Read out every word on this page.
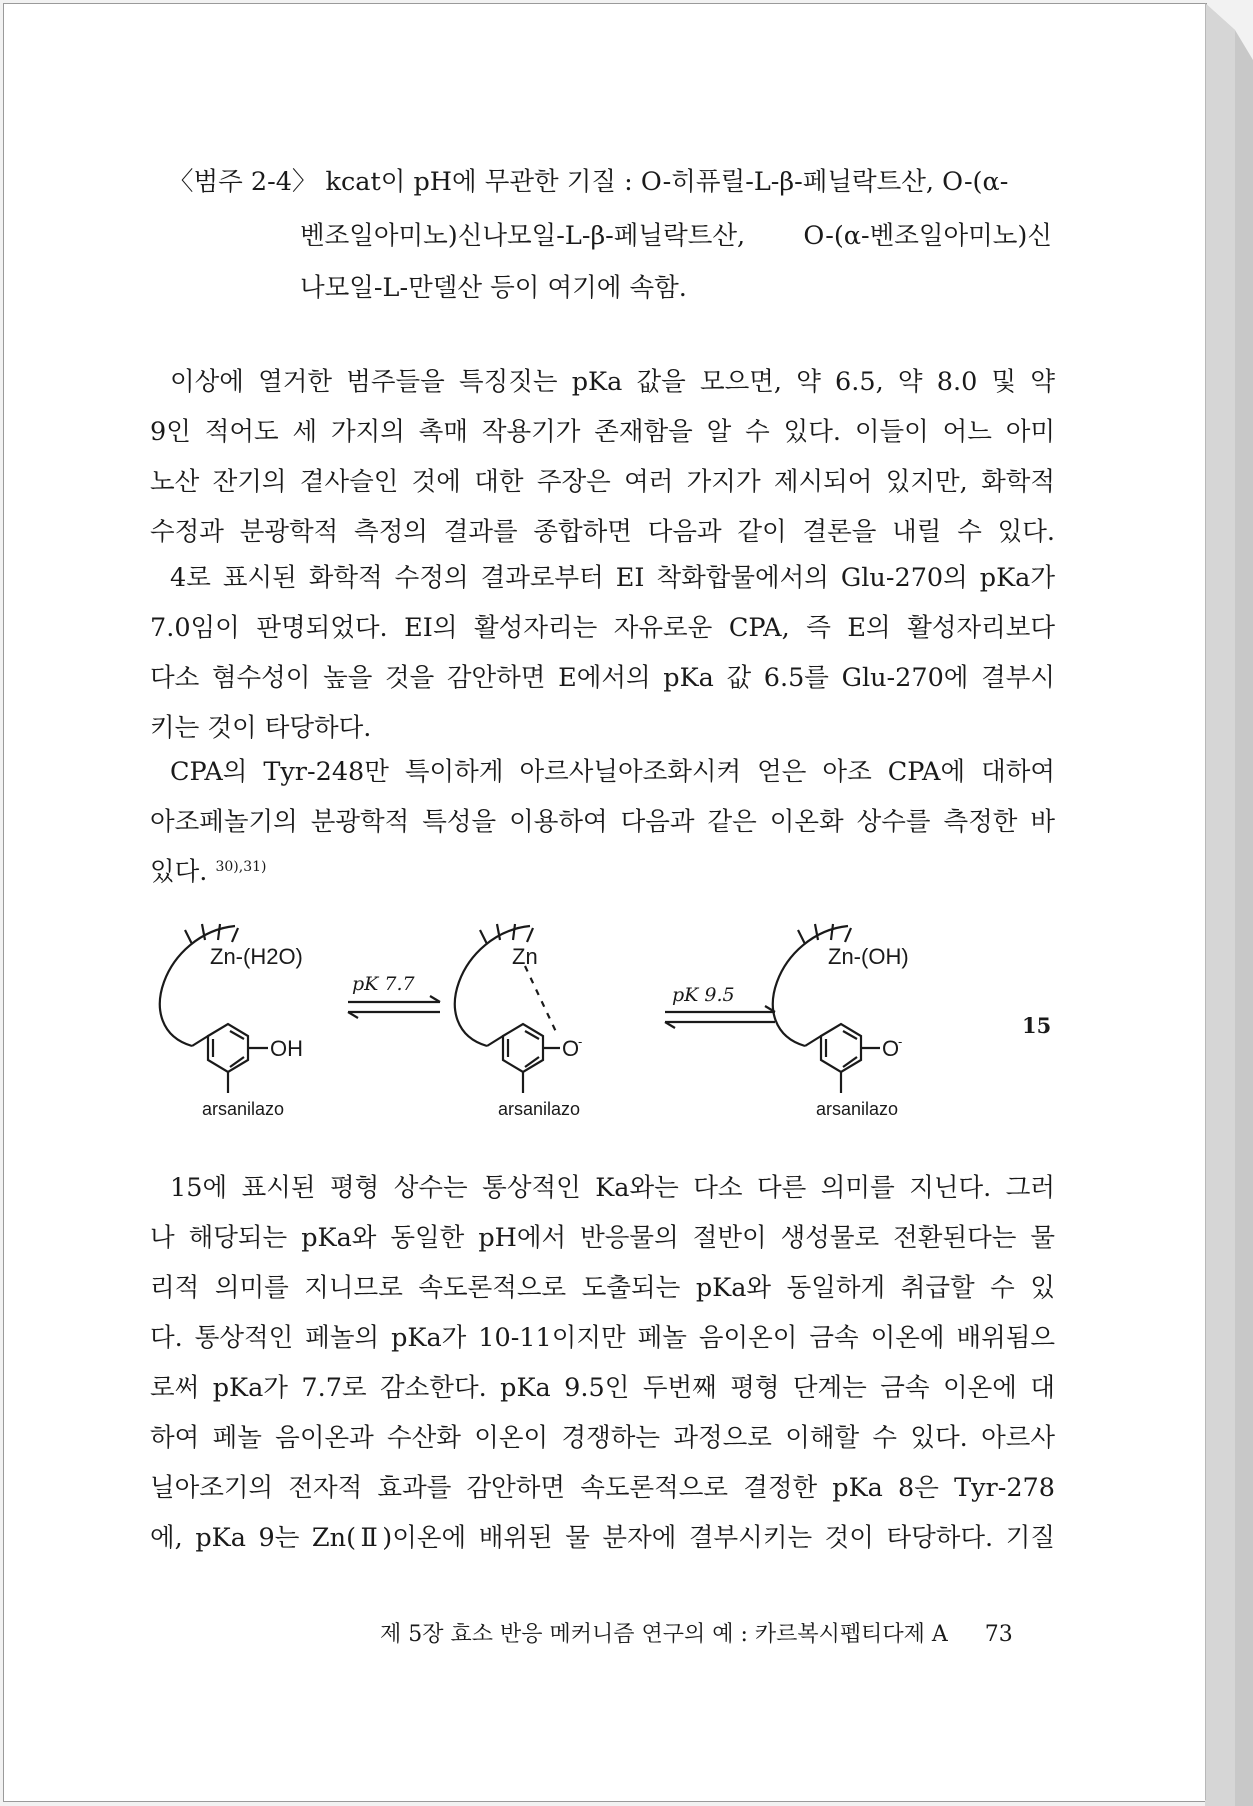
〈범주 2-4〉 kcat이 pH에 무관한 기질 : O-히퓨릴-L-β-페닐락트산, O-(α-
벤조일아미노)신나모일-L-β-페닐락트산, O-(α-벤조일아미노)신
나모일-L-만델산 등이 여기에 속함.
이상에 열거한 범주들을 특징짓는 pKa 값을 모으면, 약 6.5, 약 8.0 및 약
9인 적어도 세 가지의 촉매 작용기가 존재함을 알 수 있다. 이들이 어느 아미
노산 잔기의 곁사슬인 것에 대한 주장은 여러 가지가 제시되어 있지만, 화학적
수정과 분광학적 측정의 결과를 종합하면 다음과 같이 결론을 내릴 수 있다.
4로 표시된 화학적 수정의 결과로부터 EI 착화합물에서의 Glu-270의 pKa가
7.0임이 판명되었다. EI의 활성자리는 자유로운 CPA, 즉 E의 활성자리보다
다소 혐수성이 높을 것을 감안하면 E에서의 pKa 값 6.5를 Glu-270에 결부시
키는 것이 타당하다.
CPA의 Tyr-248만 특이하게 아르사닐아조화시켜 얻은 아조 CPA에 대하여
아조페놀기의 분광학적 특성을 이용하여 다음과 같은 이온화 상수를 측정한 바
있다. $^{30),31)}$
Zn-(H2O)
OH
arsanilazo
Zn
O
-
arsanilazo
Zn-(OH)
O
-
arsanilazo
pK 7.7	pK 9.5
15
15에 표시된 평형 상수는 통상적인 Ka와는 다소 다른 의미를 지닌다. 그러
나 해당되는 pKa와 동일한 pH에서 반응물의 절반이 생성물로 전환된다는 물
리적 의미를 지니므로 속도론적으로 도출되는 pKa와 동일하게 취급할 수 있
다. 통상적인 페놀의 pKa가 10-11이지만 페놀 음이온이 금속 이온에 배위됨으
로써 pKa가 7.7로 감소한다. pKa 9.5인 두번째 평형 단계는 금속 이온에 대
하여 페놀 음이온과 수산화 이온이 경쟁하는 과정으로 이해할 수 있다. 아르사
닐아조기의 전자적 효과를 감안하면 속도론적으로 결정한 pKa 8은 Tyr-278
에, pKa 9는 Zn(Ⅱ)이온에 배위된 물 분자에 결부시키는 것이 타당하다. 기질
제 5장 효소 반응 메커니즘 연구의 예 : 카르복시펩티다제 A 73
